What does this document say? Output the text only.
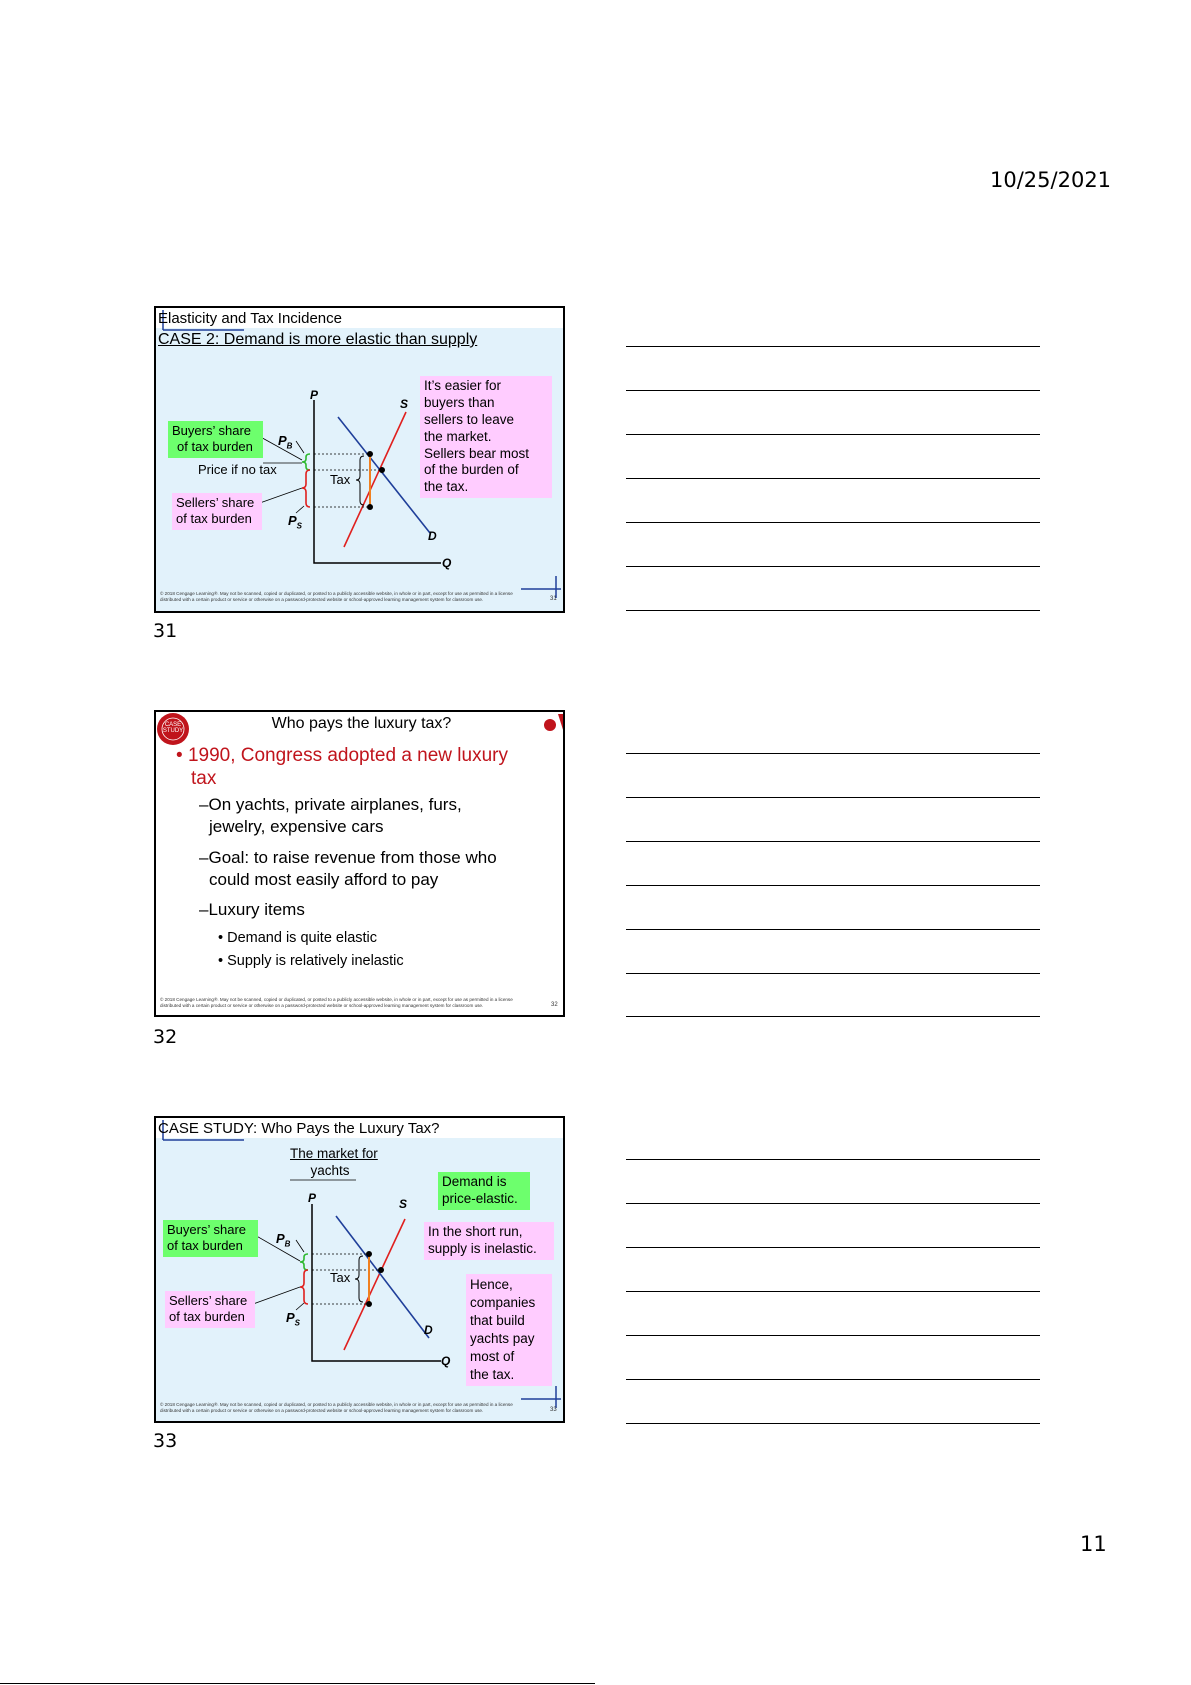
10/25/2021
Elasticity and Tax Incidence
CASE 2: Demand is more elastic than supply
P
Q
S
D
$P_B$
$P_S$
Tax
Price if no tax
Buyers’ share
of tax burden
Sellers’ share
of tax burden
It’s easier for
buyers than
sellers to leave
the market.
Sellers bear most
of the burden of
the tax.
© 2018 Cengage Learning®. May not be scanned, copied or duplicated, or posted to a publicly accessible website, in whole or in part, except for use as permitted in a license distributed with a certain product or service or otherwise on a password-protected website or school-approved learning management system for classroom use.	31
31
CASE
STUDY	Who pays the luxury tax?
• 1990, Congress adopted a new luxury
tax
–On yachts, private airplanes, furs,
jewelry, expensive cars
–Goal: to raise revenue from those who
could most easily afford to pay
–Luxury items
• Demand is quite elastic
• Supply is relatively inelastic
© 2018 Cengage Learning®. May not be scanned, copied or duplicated, or posted to a publicly accessible website, in whole or in part, except for use as permitted in a license distributed with a certain product or service or otherwise on a password-protected website or school-approved learning management system for classroom use.	32
32
CASE STUDY: Who Pays the Luxury Tax?
The market for
yachts
P
Q
S
D
$P_B$
$P_S$
Tax
Buyers’ share
of tax burden
Sellers’ share
of tax burden
Demand is
price-elastic.
In the short run,
supply is inelastic.
Hence,
companies
that build
yachts pay
most of
the tax.
© 2018 Cengage Learning®. May not be scanned, copied or duplicated, or posted to a publicly accessible website, in whole or in part, except for use as permitted in a license distributed with a certain product or service or otherwise on a password-protected website or school-approved learning management system for classroom use.	33
33
11
